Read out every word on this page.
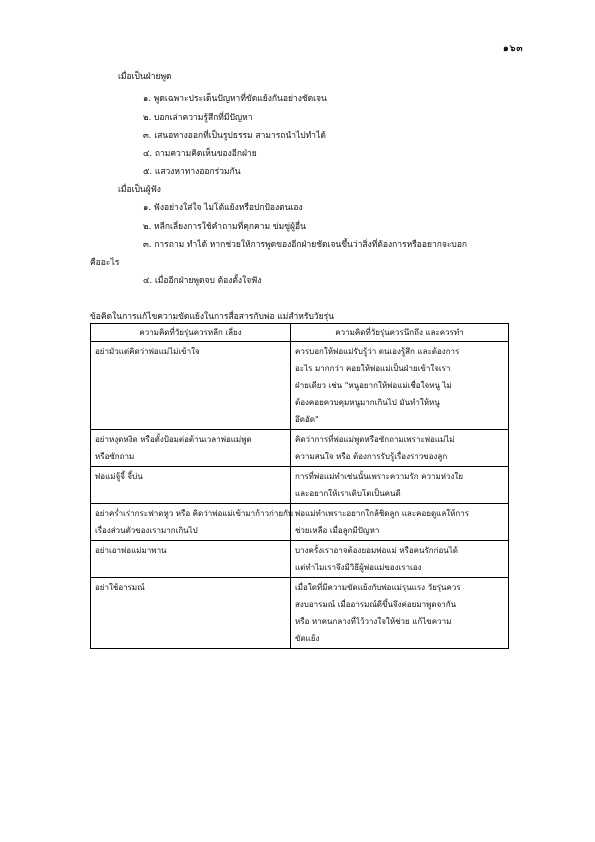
๑๖๓
เมื่อเป็นฝ่ายพูด
๑. พูดเฉพาะประเด็นปัญหาที่ขัดแย้งกันอย่างชัดเจน
๒. บอกเล่าความรู้สึกที่มีปัญหา
๓. เสนอทางออกที่เป็นรูปธรรม สามารถนำไปทำได้
๔. ถามความคิดเห็นของอีกฝ่าย
๕. แสวงหาทางออกร่วมกัน
เมื่อเป็นผู้ฟัง
๑. ฟังอย่างใส่ใจ ไม่โต้แย้งหรือปกป้องตนเอง
๒. หลีกเลี่ยงการใช้คำถามที่คุกคาม ข่มขู่ผู้อื่น
๓. การถาม ทำได้ หากช่วยให้การพูดของอีกฝ่ายชัดเจนขึ้นว่าสิ่งที่ต้องการหรืออยากจะบอก
คืออะไร
๔. เมื่ออีกฝ่ายพูดจบ ต้องตั้งใจฟัง
ข้อคิดในการแก้ไขความขัดแย้งในการสื่อสารกับพ่อ แม่สำหรับวัยรุ่น
ความคิดที่วัยรุ่นควรหลีก เลี่ยง	ความคิดที่วัยรุ่นควรนึกถึง และควรทำ

อย่ามัวแต่คิดว่าพ่อแม่ไม่เข้าใจ	ควรบอกให้พ่อแม่รับรู้ว่า ตนเองรู้สึก และต้องการ
อะไร มากกว่า คอยให้พ่อแม่เป็นฝ่ายเข้าใจเรา
ฝ่ายเดียว เช่น "หนูอยากให้พ่อแม่เชื่อใจหนู ไม่
ต้องคอยควบคุมหนูมากเกินไป มันทำให้หนู
อึดอัด"

อย่าหงุดหงิด หรือตั้งป้อมต่อต้านเวลาพ่อแม่พูด
หรือซักถาม	คิดว่าการที่พ่อแม่พูดหรือซักถามเพราะพ่อแม่ไม่
ความสนใจ หรือ ต้องการรับรู้เรื่องราวของลูก

พ่อแม่จู้จี้ จี้บ่น	การที่พ่อแม่ทำเช่นนั้นเพราะความรัก ความห่วงใย
และอยากให้เราเติบโตเป็นคนดี

อย่าคร่ำเร่ากระฟาดหูว หรือ คิดว่าพ่อแม่เข้ามาก้าวก่ายกับ
เรื่องส่วนตัวของเรามากเกินไป	พ่อแม่ทำเพราะอยากใกล้ชิดลูก และคอยดูแลให้การ
ช่วยเหลือ เมื่อลูกมีปัญหา

อย่าเอาพ่อแม่มาพาน	บางครั้งเราอาจต้องยอมพ่อแม่ หรือคนรักก่อนได้
แต่ทำไมเราจึงมีวิธีผู้พ่อแม่ของเราเอง

อย่าใช้อารมณ์	เมื่อใดที่มีความขัดแย้งกับพ่อแม่รุนแรง วัยรุ่นควร
สงบอารมณ์ เมื่ออารมณ์ดีขึ้นจึงค่อยมาพูดจากัน
หรือ หาคนกลางที่ไว้วางใจให้ช่วย แก้ไขความ
ขัดแย้ง
